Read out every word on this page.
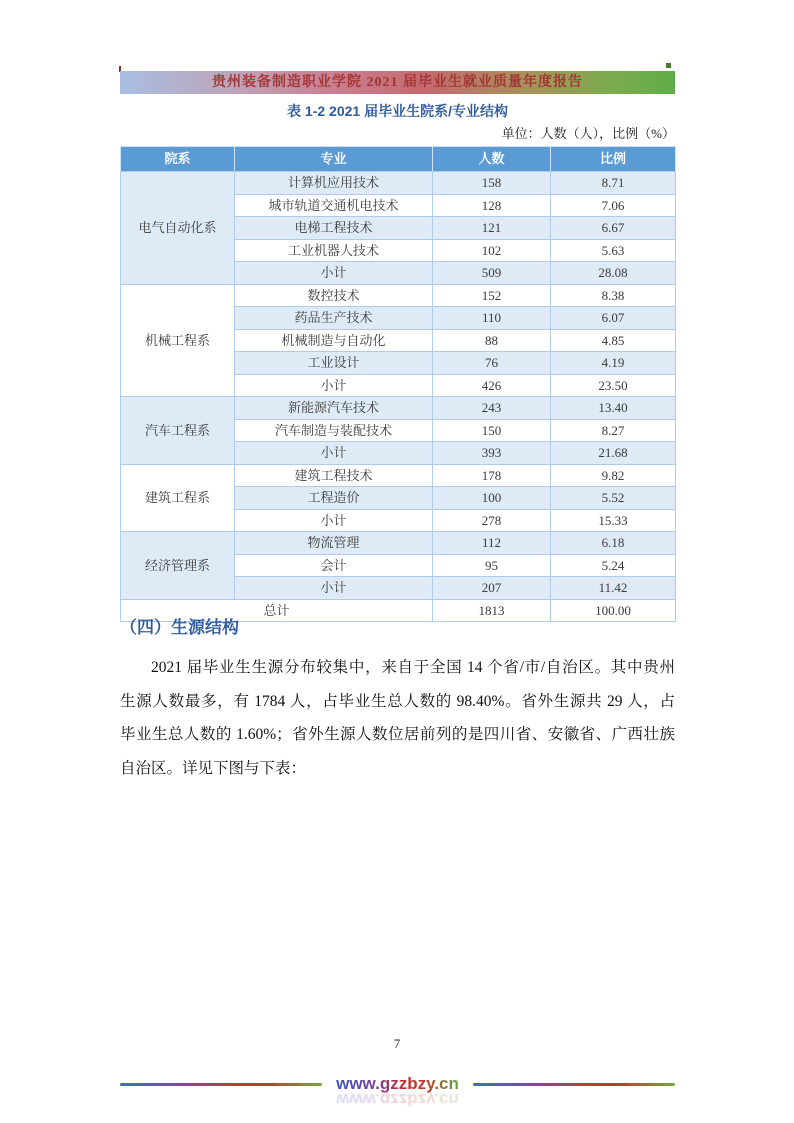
贵州装备制造职业学院 2021 届毕业生就业质量年度报告
表 1-2 2021 届毕业生院系/专业结构
单位：人数（人），比例（%）
院系	专业	人数	比例
电气自动化系	计算机应用技术	158	8.71
	城市轨道交通机电技术	128	7.06
	电梯工程技术	121	6.67
	工业机器人技术	102	5.63
	小计	509	28.08
机械工程系	数控技术	152	8.38
	药品生产技术	110	6.07
	机械制造与自动化	88	4.85
	工业设计	76	4.19
	小计	426	23.50
汽车工程系	新能源汽车技术	243	13.40
	汽车制造与装配技术	150	8.27
	小计	393	21.68
建筑工程系	建筑工程技术	178	9.82
	工程造价	100	5.52
	小计	278	15.33
经济管理系	物流管理	112	6.18
	会计	95	5.24
	小计	207	11.42
总计		1813	100.00
（四）生源结构
2021 届毕业生生源分布较集中，来自于全国 14 个省/市/自治区。其中贵州
生源人数最多，有 1784 人，占毕业生总人数的 98.40%。省外生源共 29 人，占
毕业生总人数的 1.60%；省外生源人数位居前列的是四川省、安徽省、广西壮族
自治区。详见下图与下表：
7
www.gzzbzy.cn
www.gzzbzy.cn
